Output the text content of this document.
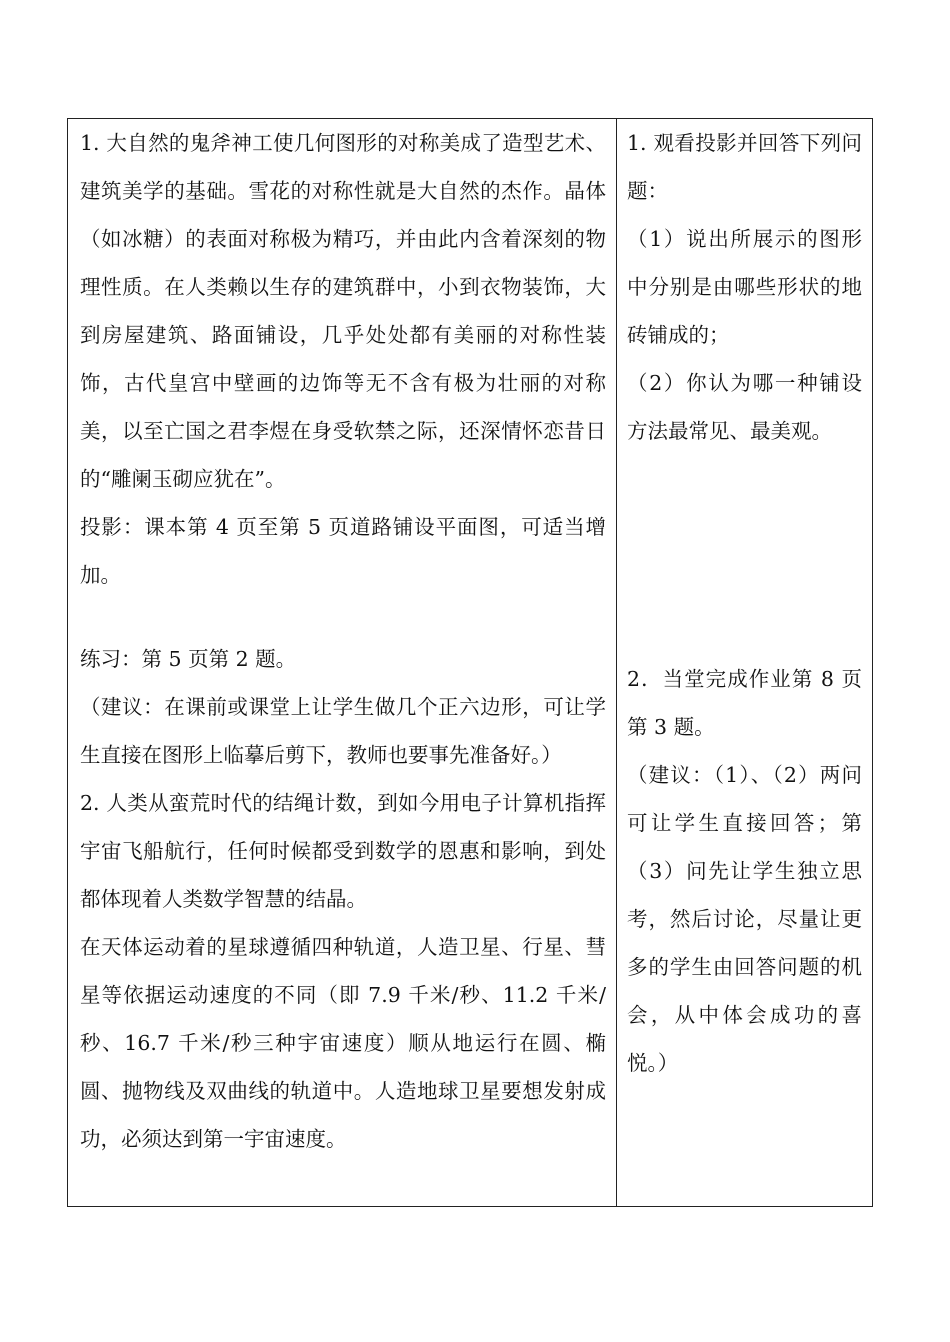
1. 大自然的鬼斧神工使几何图形的对称美成了造型艺术、建筑美学的基础。雪花的对称性就是大自然的杰作。晶体（如冰糖）的表面对称极为精巧，并由此内含着深刻的物理性质。在人类赖以生存的建筑群中，小到衣物装饰，大到房屋建筑、路面铺设，几乎处处都有美丽的对称性装饰，古代皇宫中壁画的边饰等无不含有极为壮丽的对称美，以至亡国之君李煜在身受软禁之际，还深情怀恋昔日的“雕阑玉砌应犹在”。

投影：课本第 4 页至第 5 页道路铺设平面图，可适当增加。

练习：第 5 页第 2 题。

（建议：在课前或课堂上让学生做几个正六边形，可让学生直接在图形上临摹后剪下，教师也要事先准备好。）

2. 人类从蛮荒时代的结绳计数，到如今用电子计算机指挥宇宙飞船航行，任何时候都受到数学的恩惠和影响，到处都体现着人类数学智慧的结晶。

在天体运动着的星球遵循四种轨道，人造卫星、行星、彗星等依据运动速度的不同（即 7.9 千米/秒、11.2 千米/秒、16.7 千米/秒三种宇宙速度）顺从地运行在圆、椭圆、抛物线及双曲线的轨道中。人造地球卫星要想发射成功，必须达到第一宇宙速度。

1. 观看投影并回答下列问题：

（1）说出所展示的图形中分别是由哪些形状的地砖铺成的；

（2）你认为哪一种铺设方法最常见、最美观。

2．当堂完成作业第 8 页第 3 题。

（建议：（1）、（2）两问可让学生直接回答；第（3）问先让学生独立思考，然后讨论，尽量让更多的学生由回答问题的机会，从中体会成功的喜悦。）
